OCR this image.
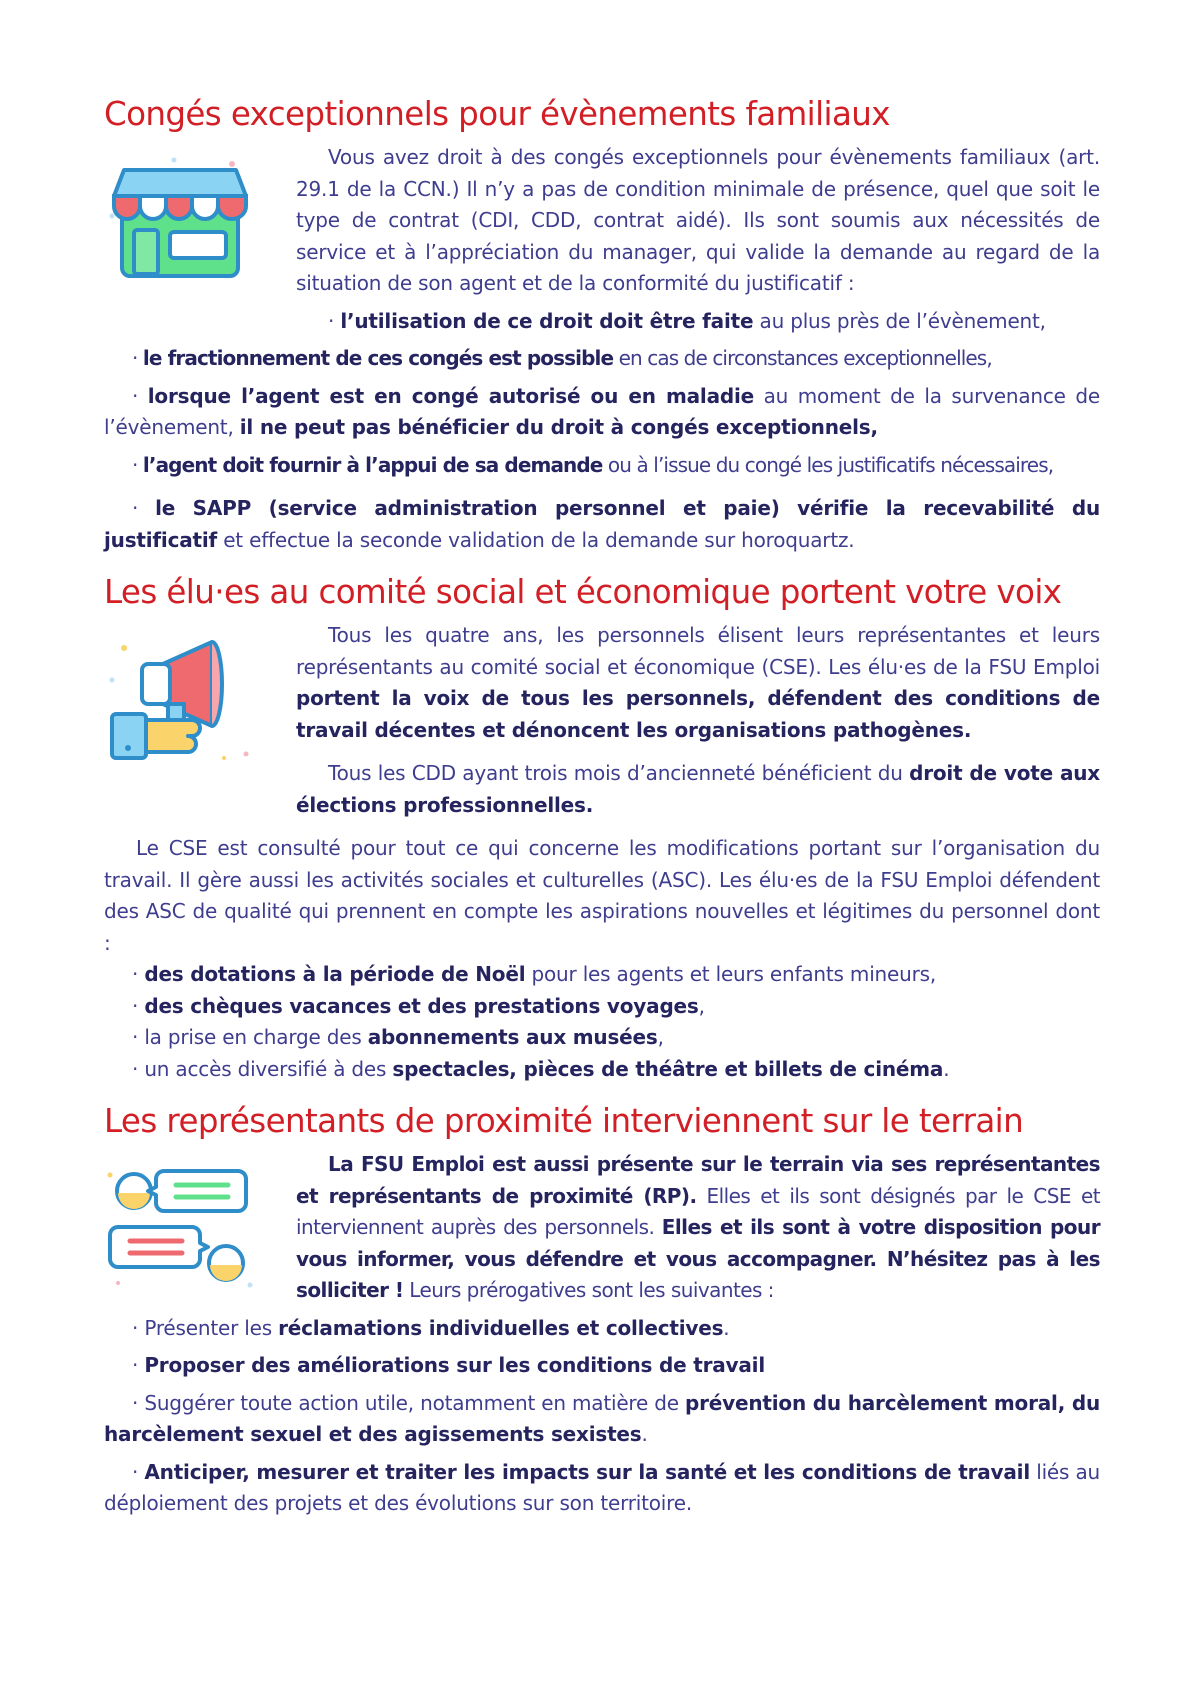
Congés exceptionnels pour évènements familiaux

Vous avez droit à des congés exceptionnels pour évènements familiaux (art. 29.1 de la CCN.) Il n’y a pas de condition minimale de présence, quel que soit le type de contrat (CDI, CDD, contrat aidé). Ils sont soumis aux nécessités de service et à l’appréciation du manager, qui valide la demande au regard de la situation de son agent et de la conformité du justificatif :

· l’utilisation de ce droit doit être faite au plus près de l’évènement,

· le fractionnement de ces congés est possible en cas de circonstances exceptionnelles,

· lorsque l’agent est en congé autorisé ou en maladie au moment de la survenance de l’évènement, il ne peut pas bénéficier du droit à congés exceptionnels,

· l’agent doit fournir à l’appui de sa demande ou à l’issue du congé les justificatifs nécessaires,

· le SAPP (service administration personnel et paie) vérifie la recevabilité du justificatif et effectue la seconde validation de la demande sur horoquartz.

Les élu·es au comité social et économique portent votre voix

Tous les quatre ans, les personnels élisent leurs représentantes et leurs représentants au comité social et économique (CSE). Les élu·es de la FSU Emploi portent la voix de tous les personnels, défendent des conditions de travail décentes et dénoncent les organisations pathogènes.

Tous les CDD ayant trois mois d’ancienneté bénéficient du droit de vote aux élections professionnelles.

Le CSE est consulté pour tout ce qui concerne les modifications portant sur l’organisation du travail. Il gère aussi les activités sociales et culturelles (ASC). Les élu·es de la FSU Emploi défendent des ASC de qualité qui prennent en compte les aspirations nouvelles et légitimes du personnel dont :

· des dotations à la période de Noël pour les agents et leurs enfants mineurs,

· des chèques vacances et des prestations voyages,

· la prise en charge des abonnements aux musées,

· un accès diversifié à des spectacles, pièces de théâtre et billets de cinéma.

Les représentants de proximité interviennent sur le terrain

La FSU Emploi est aussi présente sur le terrain via ses représentantes et représentants de proximité (RP). Elles et ils sont désignés par le CSE et interviennent auprès des personnels. Elles et ils sont à votre disposition pour vous informer, vous défendre et vous accompagner. N’hésitez pas à les solliciter ! Leurs prérogatives sont les suivantes :

· Présenter les réclamations individuelles et collectives.

· Proposer des améliorations sur les conditions de travail

· Suggérer toute action utile, notamment en matière de prévention du harcèlement moral, du harcèlement sexuel et des agissements sexistes.

· Anticiper, mesurer et traiter les impacts sur la santé et les conditions de travail liés au déploiement des projets et des évolutions sur son territoire.
